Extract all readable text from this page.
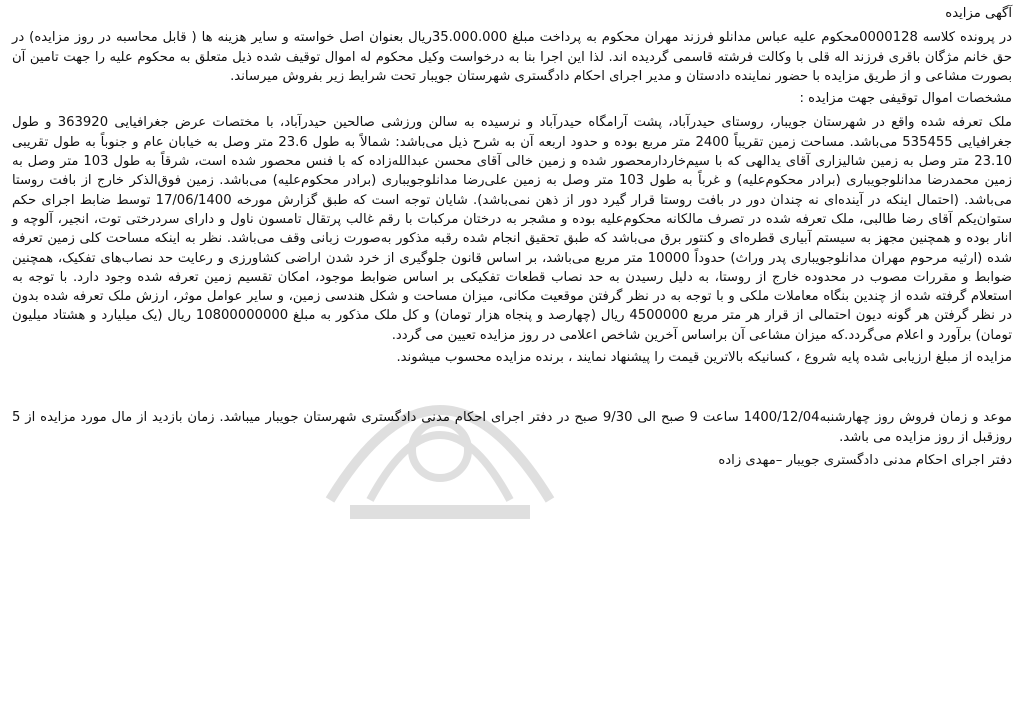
آگهی مزایده

در پرونده کلاسه 0000128محکوم علیه عباس مدانلو فرزند مهران محکوم به پرداخت مبلغ 35.000.000ریال بعنوان اصل خواسته و سایر هزینه ها ( قابل محاسبه در روز مزایده) در حق خانم مژگان باقری فرزند اله قلی با وکالت فرشته قاسمی گردیده اند. لذا این اجرا بنا به درخواست وکیل محکوم له اموال توقیف شده ذیل متعلق به محکوم علیه را جهت تامین آن بصورت مشاعی و از طریق مزایده با حضور نماینده دادستان و مدیر اجرای احکام دادگستری شهرستان جویبار تحت شرایط زیر بفروش میرساند.

مشخصات اموال توقیفی جهت مزایده :

ملک تعرفه شده واقع در شهرستان جویبار، روستای حیدرآباد، پشت آرامگاه حیدرآباد و نرسیده به سالن ورزشی صالحین حیدرآباد، با مختصات عرض جغرافیایی 363920 و طول جغرافیایی 535455 می‌باشد. مساحت زمین تقریباً 2400 متر مربع بوده و حدود اربعه آن به شرح ذیل می‌باشد: شمالاً به طول 23.6 متر وصل به خیابان عام و جنوباً به طول تقریبی 23.10 متر وصل به زمین شالیزاری آقای یدالهی که با سیم‌خاردارمحصور شده و زمین خالی آقای محسن عبدالله‌زاده که با فنس محصور شده است، شرقاً به طول 103 متر وصل به زمین محمدرضا مدانلوجویباری (برادر محکوم‌علیه) و غرباً به طول 103 متر وصل به زمین علی‌رضا مدانلوجویباری (برادر محکوم‌علیه) می‌باشد. زمین فوق‌الذکر خارج از بافت روستا می‌باشد. (احتمال اینکه در آینده‌ای نه چندان دور در بافت روستا قرار گیرد دور از ذهن نمی‌باشد). شایان توجه است که طبق گزارش مورخه 17/06/1400 توسط ضابط اجرای حکم ستوان‌یکم آقای رضا طالبی، ملک تعرفه شده در تصرف مالکانه محکوم‌علیه بوده و مشجر به درختان مرکبات با رقم غالب پرتقال تامسون ناول و دارای سردرختی توت، انجیر، آلوچه و انار بوده و همچنین مجهز به سیستم آبیاری قطره‌ای و کنتور برق می‌باشد که طبق تحقیق انجام شده رقبه مذکور به‌صورت زبانی وقف می‌باشد. نظر به اینکه مساحت کلی زمین تعرفه شده (ارثیه مرحوم مهران مدانلوجویباری پدر وراث) حدوداً 10000 متر مربع می‌باشد، بر اساس قانون جلوگیری از خرد شدن اراضی کشاورزی و رعایت حد نصاب‌های تفکیک، همچنین ضوابط و مقررات مصوب در محدوده خارج از روستا، به دلیل رسیدن به حد نصاب قطعات تفکیکی بر اساس ضوابط موجود، امکان تقسیم زمین تعرفه شده وجود دارد. با توجه به استعلام گرفته شده از چندین بنگاه معاملات ملکی و با توجه به در نظر گرفتن موقعیت مکانی، میزان مساحت و شکل هندسی زمین، و سایر عوامل موثر، ارزش ملک تعرفه شده بدون در نظر گرفتن هر گونه دیون احتمالی از قرار هر متر مربع 4500000 ریال (چهارصد و پنجاه هزار تومان) و کل ملک مذکور به مبلغ 10800000000 ریال (یک میلیارد و هشتاد میلیون تومان) برآورد و اعلام می‌گردد.که میزان مشاعی آن براساس آخرین شاخص اعلامی در روز مزایده تعیین می گردد.

مزایده از مبلغ ارزیابی شده پایه شروع ، کسانیکه بالاترین قیمت را پیشنهاد نمایند ، برنده مزایده محسوب میشوند.

موعد و زمان فروش روز چهارشنبه1400/12/04 ساعت 9 صبح الی 9/30 صبح در دفتر اجرای احکام مدنی دادگستری شهرستان جویبار میباشد. زمان بازدید از مال مورد مزایده از 5 روزقبل از روز مزایده می باشد.

دفتر اجرای احکام مدنی دادگستری جویبار –مهدی زاده
